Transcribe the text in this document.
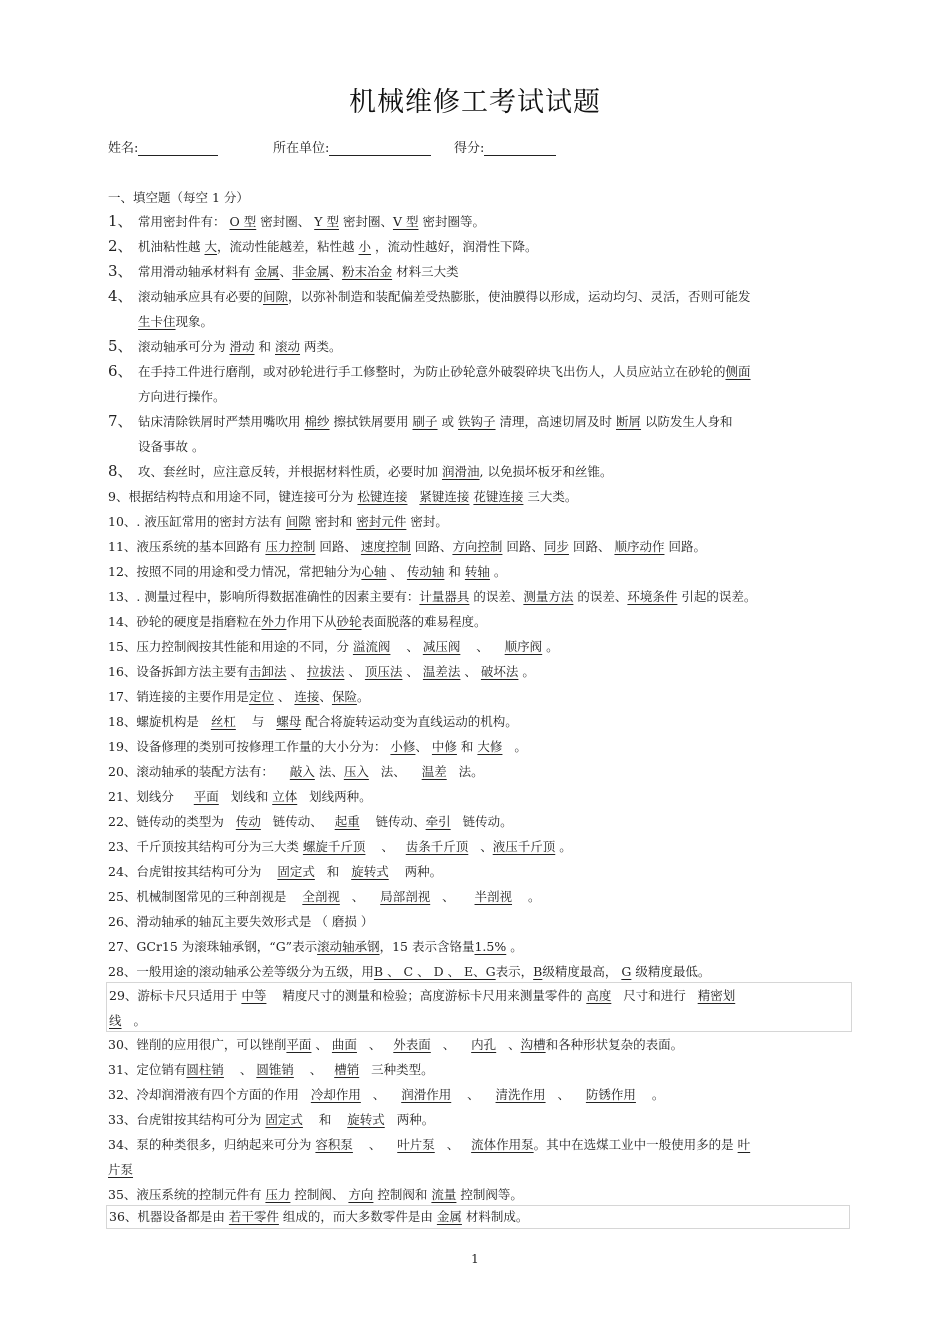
机械维修工考试试题
姓名:	所在单位:	得分:
一、填空题（每空 1 分）
1、 常用密封件有： O 型 密封圈、 Y 型 密封圈、V 型 密封圈等。
2、 机油粘性越 大，流动性能越差，粘性越 小 ，流动性越好，润滑性下降。
3、 常用滑动轴承材料有 金属、非金属、粉末冶金 材料三大类
4、 滚动轴承应具有必要的间隙，以弥补制造和装配偏差受热膨胀，使油膜得以形成，运动均匀、灵活，否则可能发
生卡住现象。
5、 滚动轴承可分为 滑动 和 滚动 两类。
6、 在手持工件进行磨削，或对砂轮进行手工修整时，为防止砂轮意外破裂碎块飞出伤人，人员应站立在砂轮的侧面
方向进行操作。
7、 钻床清除铁屑时严禁用嘴吹用 棉纱 擦拭铁屑要用 刷子 或 铁钩子 清理，高速切屑及时 断屑 以防发生人身和
设备事故 。
8、 攻、套丝时，应注意反转，并根据材料性质，必要时加 润滑油, 以免损坏板牙和丝锥。
9、根据结构特点和用途不同，键连接可分为 松键连接 紧键连接 花键连接 三大类。
10、. 液压缸常用的密封方法有 间隙 密封和 密封元件 密封。
11、液压系统的基本回路有 压力控制 回路、 速度控制 回路、方向控制 回路、同步 回路、 顺序动作 回路。
12、按照不同的用途和受力情况，常把轴分为心轴 、 传动轴 和 转轴 。
13、. 测量过程中，影响所得数据准确性的因素主要有：计量器具 的误差、测量方法 的误差、环境条件 引起的误差。
14、砂轮的硬度是指磨粒在外力作用下从砂轮表面脱落的难易程度。
15、压力控制阀按其性能和用途的不同，分 溢流阀 、 减压阀 、 顺序阀 。
16、设备拆卸方法主要有击卸法 、 拉拔法 、 顶压法 、 温差法 、 破坏法 。
17、销连接的主要作用是定位 、 连接、保险。
18、螺旋机构是 丝杠 与 螺母 配合将旋转运动变为直线运动的机构。
19、设备修理的类别可按修理工作量的大小分为： 小修、 中修 和 大修 。
20、滚动轴承的装配方法有： 敲入 法、压入 法、 温差 法。
21、划线分 平面 划线和 立体 划线两种。
22、链传动的类型为 传动 链传动、 起重 链传动、牵引 链传动。
23、千斤顶按其结构可分为三大类 螺旋千斤顶 、 齿条千斤顶 、液压千斤顶 。
24、台虎钳按其结构可分为 固定式 和 旋转式 两种。
25、机械制图常见的三种剖视是 全剖视 、 局部剖视 、 半剖视 。
26、滑动轴承的轴瓦主要失效形式是 （ 磨损 ）
27、GCr15 为滚珠轴承钢，“G”表示滚动轴承钢，15 表示含铬量1.5% 。
28、一般用途的滚动轴承公差等级分为五级，用B 、 C 、 D 、 E、G表示，B级精度最高， G 级精度最低。
29、游标卡尺只适用于 中等 精度尺寸的测量和检验；高度游标卡尺用来测量零件的 高度 尺寸和进行 精密划
线 。
30、锉削的应用很广，可以锉削平面 、 曲面 、 外表面 、 内孔 、沟槽和各种形状复杂的表面。
31、定位销有圆柱销 、 圆锥销 、 槽销 三种类型。
32、冷却润滑液有四个方面的作用 冷却作用 、 润滑作用 、 清洗作用 、 防锈作用 。
33、台虎钳按其结构可分为 固定式 和 旋转式 两种。
34、泵的种类很多，归纳起来可分为 容积泵 、 叶片泵 、 流体作用泵。其中在选煤工业中一般使用多的是 叶
片泵
35、液压系统的控制元件有 压力 控制阀、 方向 控制阀和 流量 控制阀等。
36、机器设备都是由 若干零件 组成的，而大多数零件是由 金属 材料制成。
1
